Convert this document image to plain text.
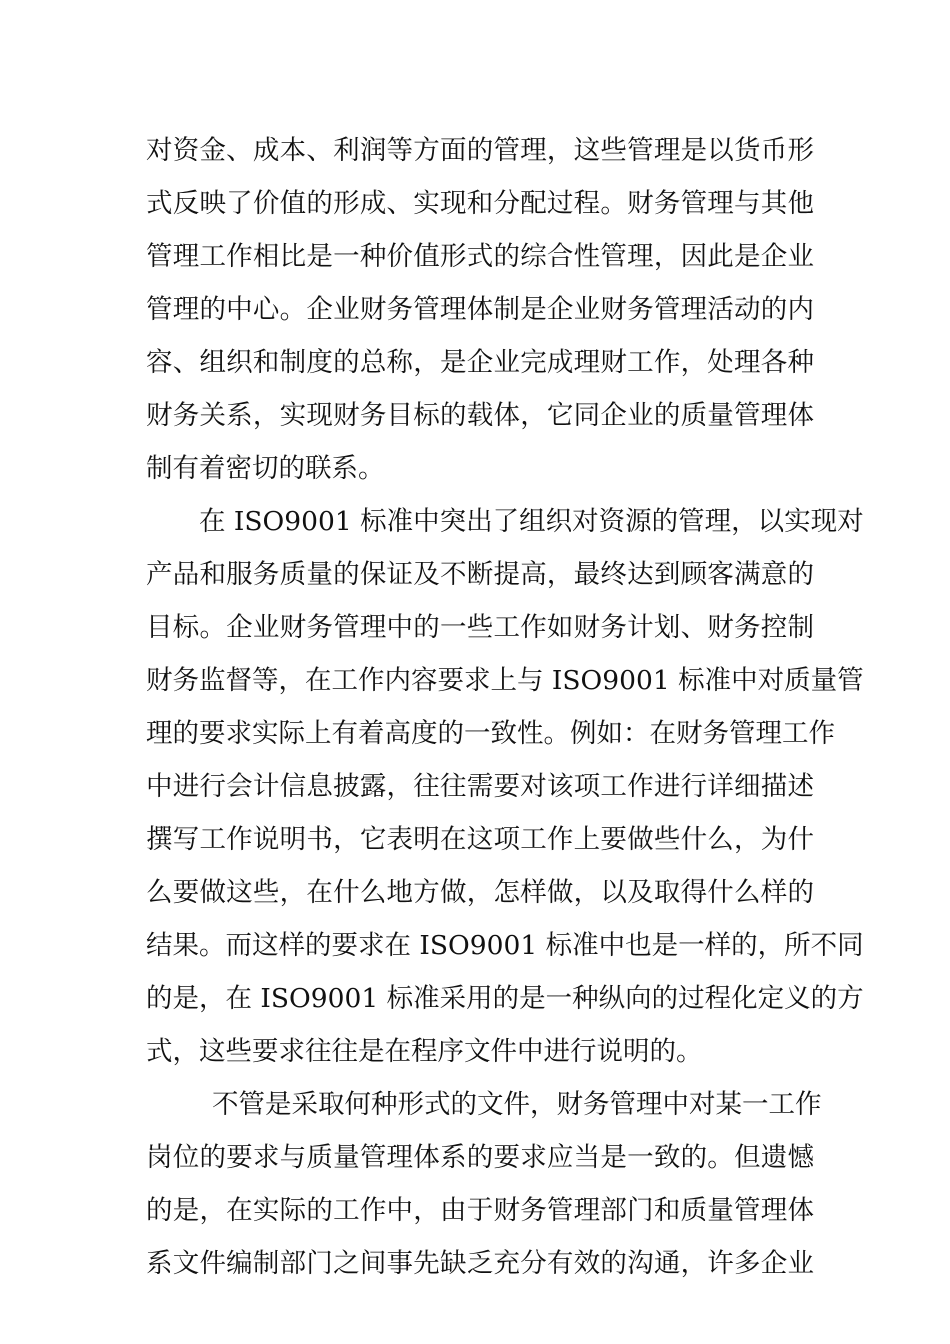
对资金、成本、利润等方面的管理，这些管理是以货币形
式反映了价值的形成、实现和分配过程。财务管理与其他
管理工作相比是一种价值形式的综合性管理，因此是企业
管理的中心。企业财务管理体制是企业财务管理活动的内
容、组织和制度的总称，是企业完成理财工作，处理各种
财务关系，实现财务目标的载体，它同企业的质量管理体
制有着密切的联系。
在 ISO9001 标准中突出了组织对资源的管理，以实现对
产品和服务质量的保证及不断提高，最终达到顾客满意的
目标。企业财务管理中的一些工作如财务计划、财务控制
财务监督等，在工作内容要求上与 ISO9001 标准中对质量管
理的要求实际上有着高度的一致性。例如：在财务管理工作
中进行会计信息披露，往往需要对该项工作进行详细描述
撰写工作说明书，它表明在这项工作上要做些什么，为什
么要做这些，在什么地方做，怎样做，以及取得什么样的
结果。而这样的要求在 ISO9001 标准中也是一样的，所不同
的是，在 ISO9001 标准采用的是一种纵向的过程化定义的方
式，这些要求往往是在程序文件中进行说明的。
不管是采取何种形式的文件，财务管理中对某一工作
岗位的要求与质量管理体系的要求应当是一致的。但遗憾
的是，在实际的工作中，由于财务管理部门和质量管理体
系文件编制部门之间事先缺乏充分有效的沟通，许多企业
